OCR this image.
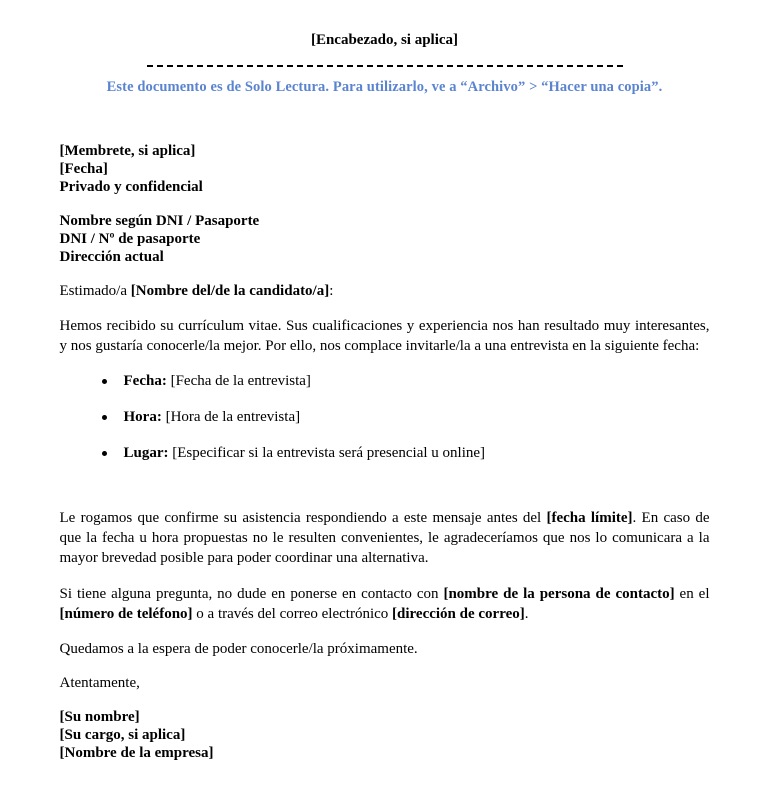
[Encabezado, si aplica]
Este documento es de Solo Lectura. Para utilizarlo, ve a “Archivo” > “Hacer una copia”.
[Membrete, si aplica]
[Fecha]
Privado y confidencial
Nombre según DNI / Pasaporte
DNI / Nº de pasaporte
Dirección actual
Estimado/a [Nombre del/de la candidato/a]:

Hemos recibido su currículum vitae. Sus cualificaciones y experiencia nos han resultado muy interesantes, y nos gustaría conocerle/la mejor. Por ello, nos complace invitarle/la a una entrevista en la siguiente fecha:

Fecha: [Fecha de la entrevista]
Hora: [Hora de la entrevista]
Lugar: [Especificar si la entrevista será presencial u online]

Le rogamos que confirme su asistencia respondiendo a este mensaje antes del [fecha límite]. En caso de que la fecha u hora propuestas no le resulten convenientes, le agradeceríamos que nos lo comunicara a la mayor brevedad posible para poder coordinar una alternativa.

Si tiene alguna pregunta, no dude en ponerse en contacto con [nombre de la persona de contacto] en el [número de teléfono] o a través del correo electrónico [dirección de correo].

Quedamos a la espera de poder conocerle/la próximamente.
Atentamente,
[Su nombre]
[Su cargo, si aplica]
[Nombre de la empresa]
